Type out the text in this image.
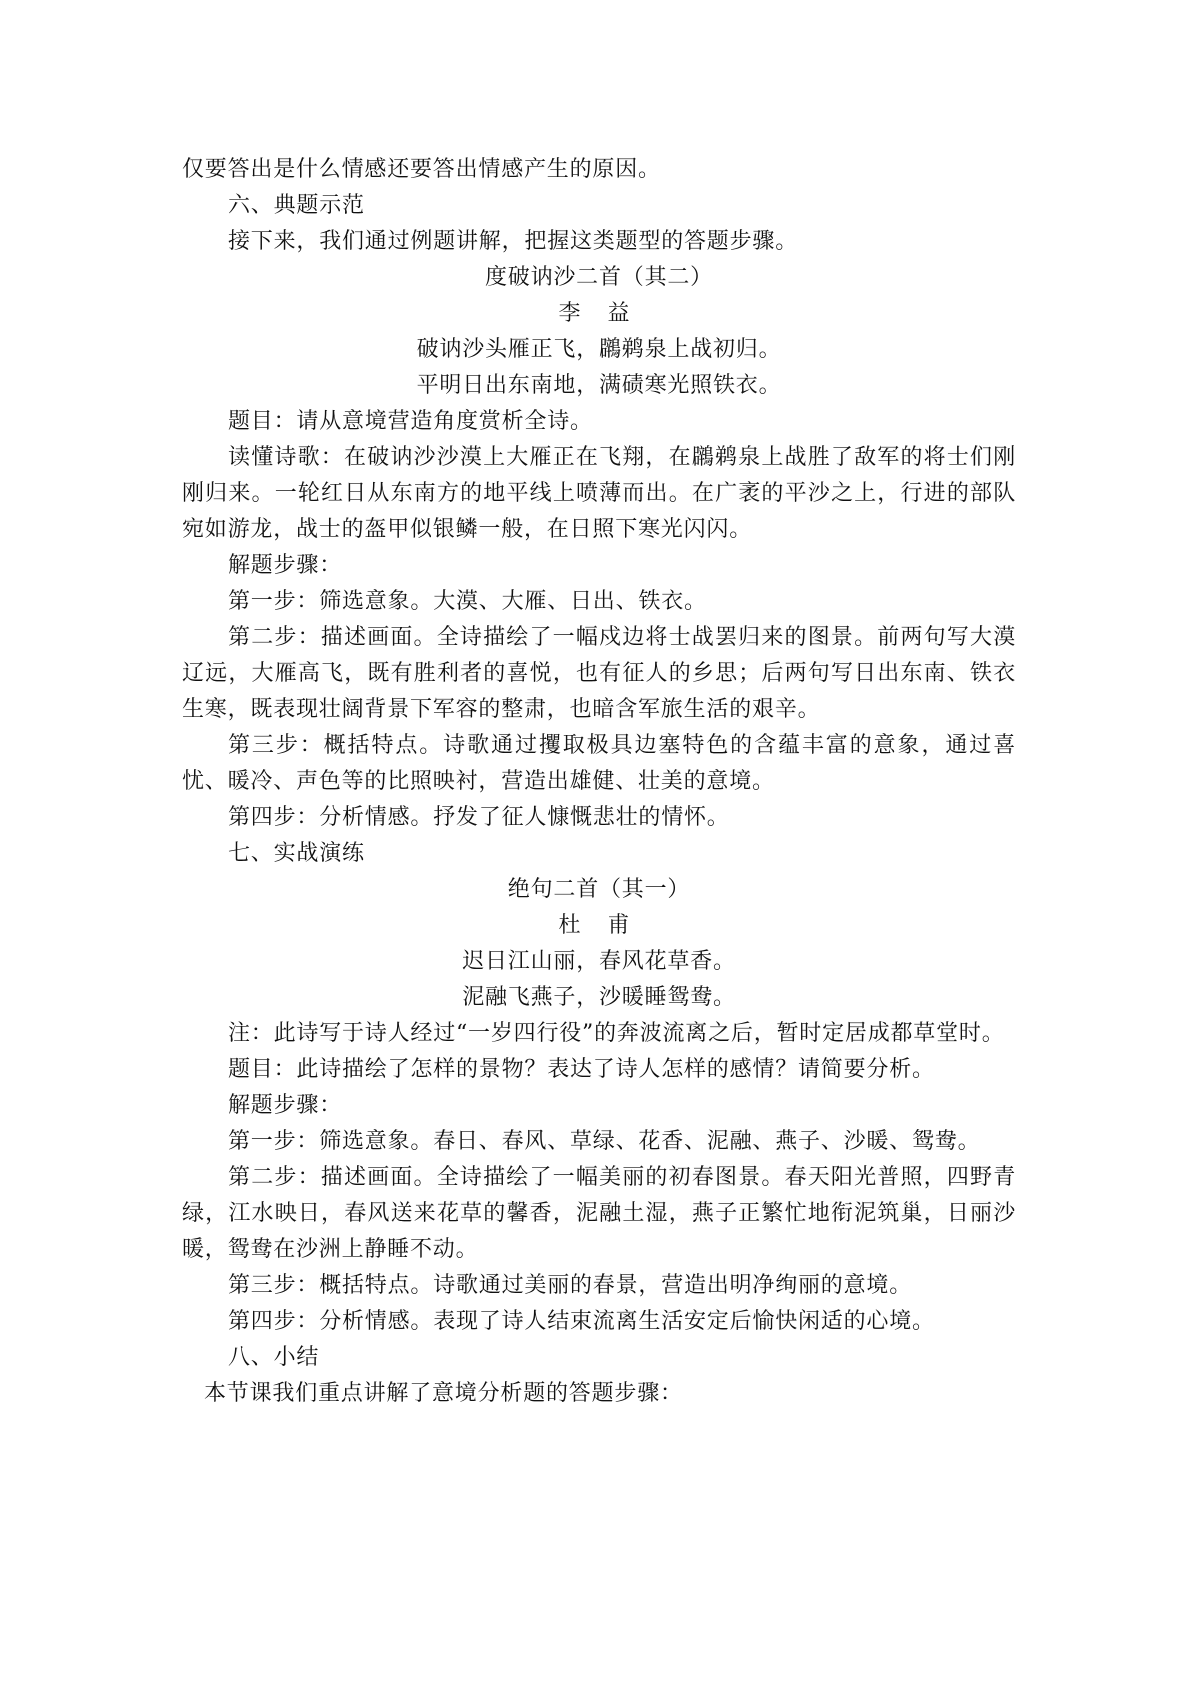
仅要答出是什么情感还要答出情感产生的原因。

六、典题示范

接下来，我们通过例题讲解，把握这类题型的答题步骤。

度破讷沙二首（其二）

李 益

破讷沙头雁正飞，鸊鹈泉上战初归。

平明日出东南地，满碛寒光照铁衣。

题目：请从意境营造角度赏析全诗。

读懂诗歌：在破讷沙沙漠上大雁正在飞翔，在鸊鹈泉上战胜了敌军的将士们刚刚归来。一轮红日从东南方的地平线上喷薄而出。在广袤的平沙之上，行进的部队宛如游龙，战士的盔甲似银鳞一般，在日照下寒光闪闪。

解题步骤：

第一步：筛选意象。大漠、大雁、日出、铁衣。

第二步：描述画面。全诗描绘了一幅戍边将士战罢归来的图景。前两句写大漠辽远，大雁高飞，既有胜利者的喜悦，也有征人的乡思；后两句写日出东南、铁衣生寒，既表现壮阔背景下军容的整肃，也暗含军旅生活的艰辛。

第三步：概括特点。诗歌通过攫取极具边塞特色的含蕴丰富的意象，通过喜忧、暖冷、声色等的比照映衬，营造出雄健、壮美的意境。

第四步：分析情感。抒发了征人慷慨悲壮的情怀。

七、实战演练

绝句二首（其一）

杜 甫

迟日江山丽，春风花草香。

泥融飞燕子，沙暖睡鸳鸯。

注：此诗写于诗人经过“一岁四行役”的奔波流离之后，暂时定居成都草堂时。

题目：此诗描绘了怎样的景物？表达了诗人怎样的感情？请简要分析。

解题步骤：

第一步：筛选意象。春日、春风、草绿、花香、泥融、燕子、沙暖、鸳鸯。

第二步：描述画面。全诗描绘了一幅美丽的初春图景。春天阳光普照，四野青绿，江水映日，春风送来花草的馨香，泥融土湿，燕子正繁忙地衔泥筑巢，日丽沙暖，鸳鸯在沙洲上静睡不动。

第三步：概括特点。诗歌通过美丽的春景，营造出明净绚丽的意境。

第四步：分析情感。表现了诗人结束流离生活安定后愉快闲适的心境。

八、小结

本节课我们重点讲解了意境分析题的答题步骤：
